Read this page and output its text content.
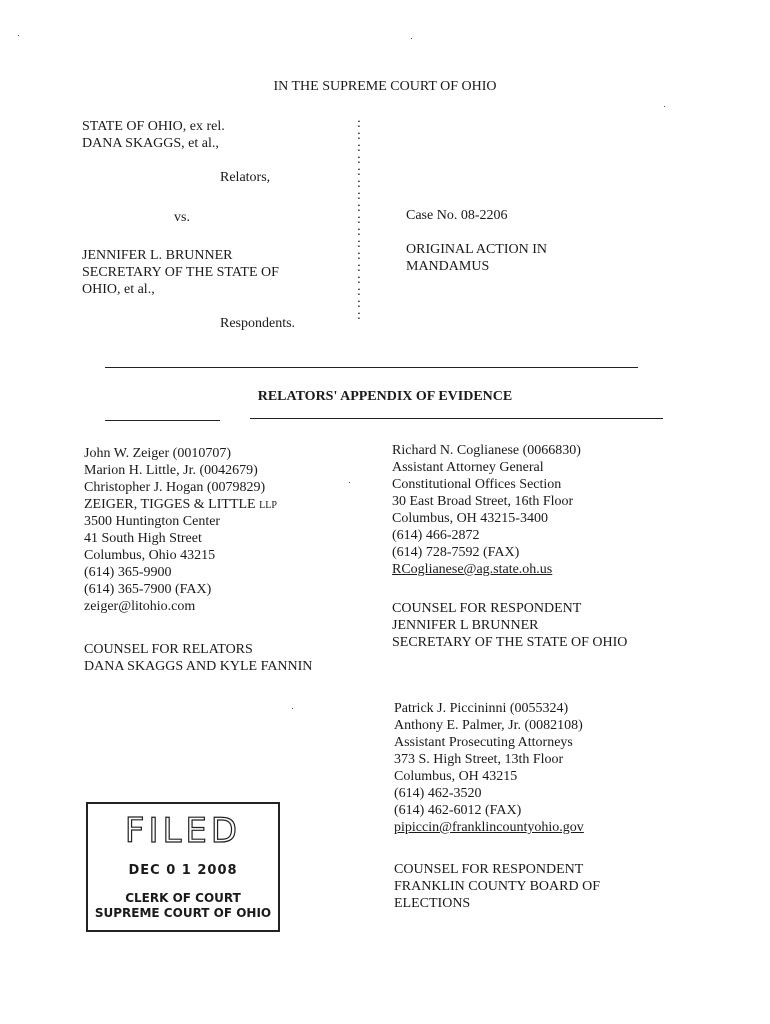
IN THE SUPREME COURT OF OHIO
STATE OF OHIO, ex rel.
DANA SKAGGS, et al.,
Relators,
vs.
JENNIFER L. BRUNNER
SECRETARY OF THE STATE OF
OHIO, et al.,
Respondents.
:
:
:
:
:
:
:
:
:
:
:
:
:
:
:
:
:
Case No. 08-2206
ORIGINAL ACTION IN
MANDAMUS
RELATORS' APPENDIX OF EVIDENCE
John W. Zeiger (0010707)
Marion H. Little, Jr. (0042679)
Christopher J. Hogan (0079829)
ZEIGER, TIGGES & LITTLE LLP
3500 Huntington Center
41 South High Street
Columbus, Ohio 43215
(614) 365-9900
(614) 365-7900 (FAX)
zeiger@litohio.com
COUNSEL FOR RELATORS
DANA SKAGGS AND KYLE FANNIN
Richard N. Coglianese (0066830)
Assistant Attorney General
Constitutional Offices Section
30 East Broad Street, 16th Floor
Columbus, OH 43215-3400
(614) 466-2872
(614) 728-7592 (FAX)
RCoglianese@ag.state.oh.us
COUNSEL FOR RESPONDENT
JENNIFER L BRUNNER
SECRETARY OF THE STATE OF OHIO
Patrick J. Piccininni (0055324)
Anthony E. Palmer, Jr. (0082108)
Assistant Prosecuting Attorneys
373 S. High Street, 13th Floor
Columbus, OH 43215
(614) 462-3520
(614) 462-6012 (FAX)
pipiccin@franklincountyohio.gov
COUNSEL FOR RESPONDENT
FRANKLIN COUNTY BOARD OF
ELECTIONS
FILED
DEC 0 1 2008
CLERK OF COURT
SUPREME COURT OF OHIO
